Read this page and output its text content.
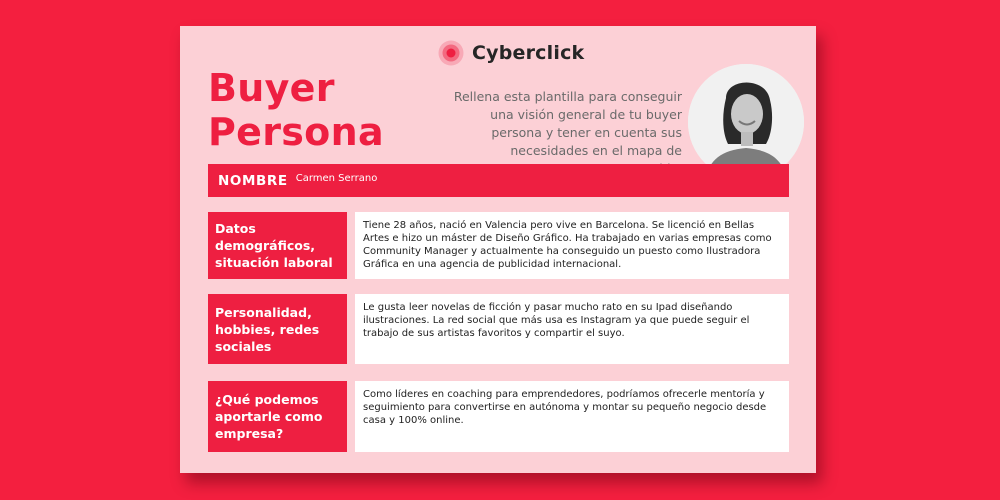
Cyberclick
Buyer
Persona

Rellena esta plantilla para conseguir una visión general de tu buyer persona y tener en cuenta sus necesidades en el mapa de

NOMBRE Carmen Serrano
Datos demográficos, situación laboral
Tiene 28 años, nació en Valencia pero vive en Barcelona. Se licenció en Bellas Artes e hizo un máster de Diseño Gráfico. Ha trabajado en varias empresas como Community Manager y actualmente ha conseguido un puesto como Ilustradora Gráfica en una agencia de publicidad internacional.
Personalidad, hobbies, redes sociales
Le gusta leer novelas de ficción y pasar mucho rato en su Ipad diseñando ilustraciones. La red social que más usa es Instagram ya que puede seguir el trabajo de sus artistas favoritos y compartir el suyo.
¿Qué podemos aportarle como empresa?
Como líderes en coaching para emprendedores, podríamos ofrecerle mentoría y seguimiento para convertirse en autónoma y montar su pequeño negocio desde casa y 100% online.
